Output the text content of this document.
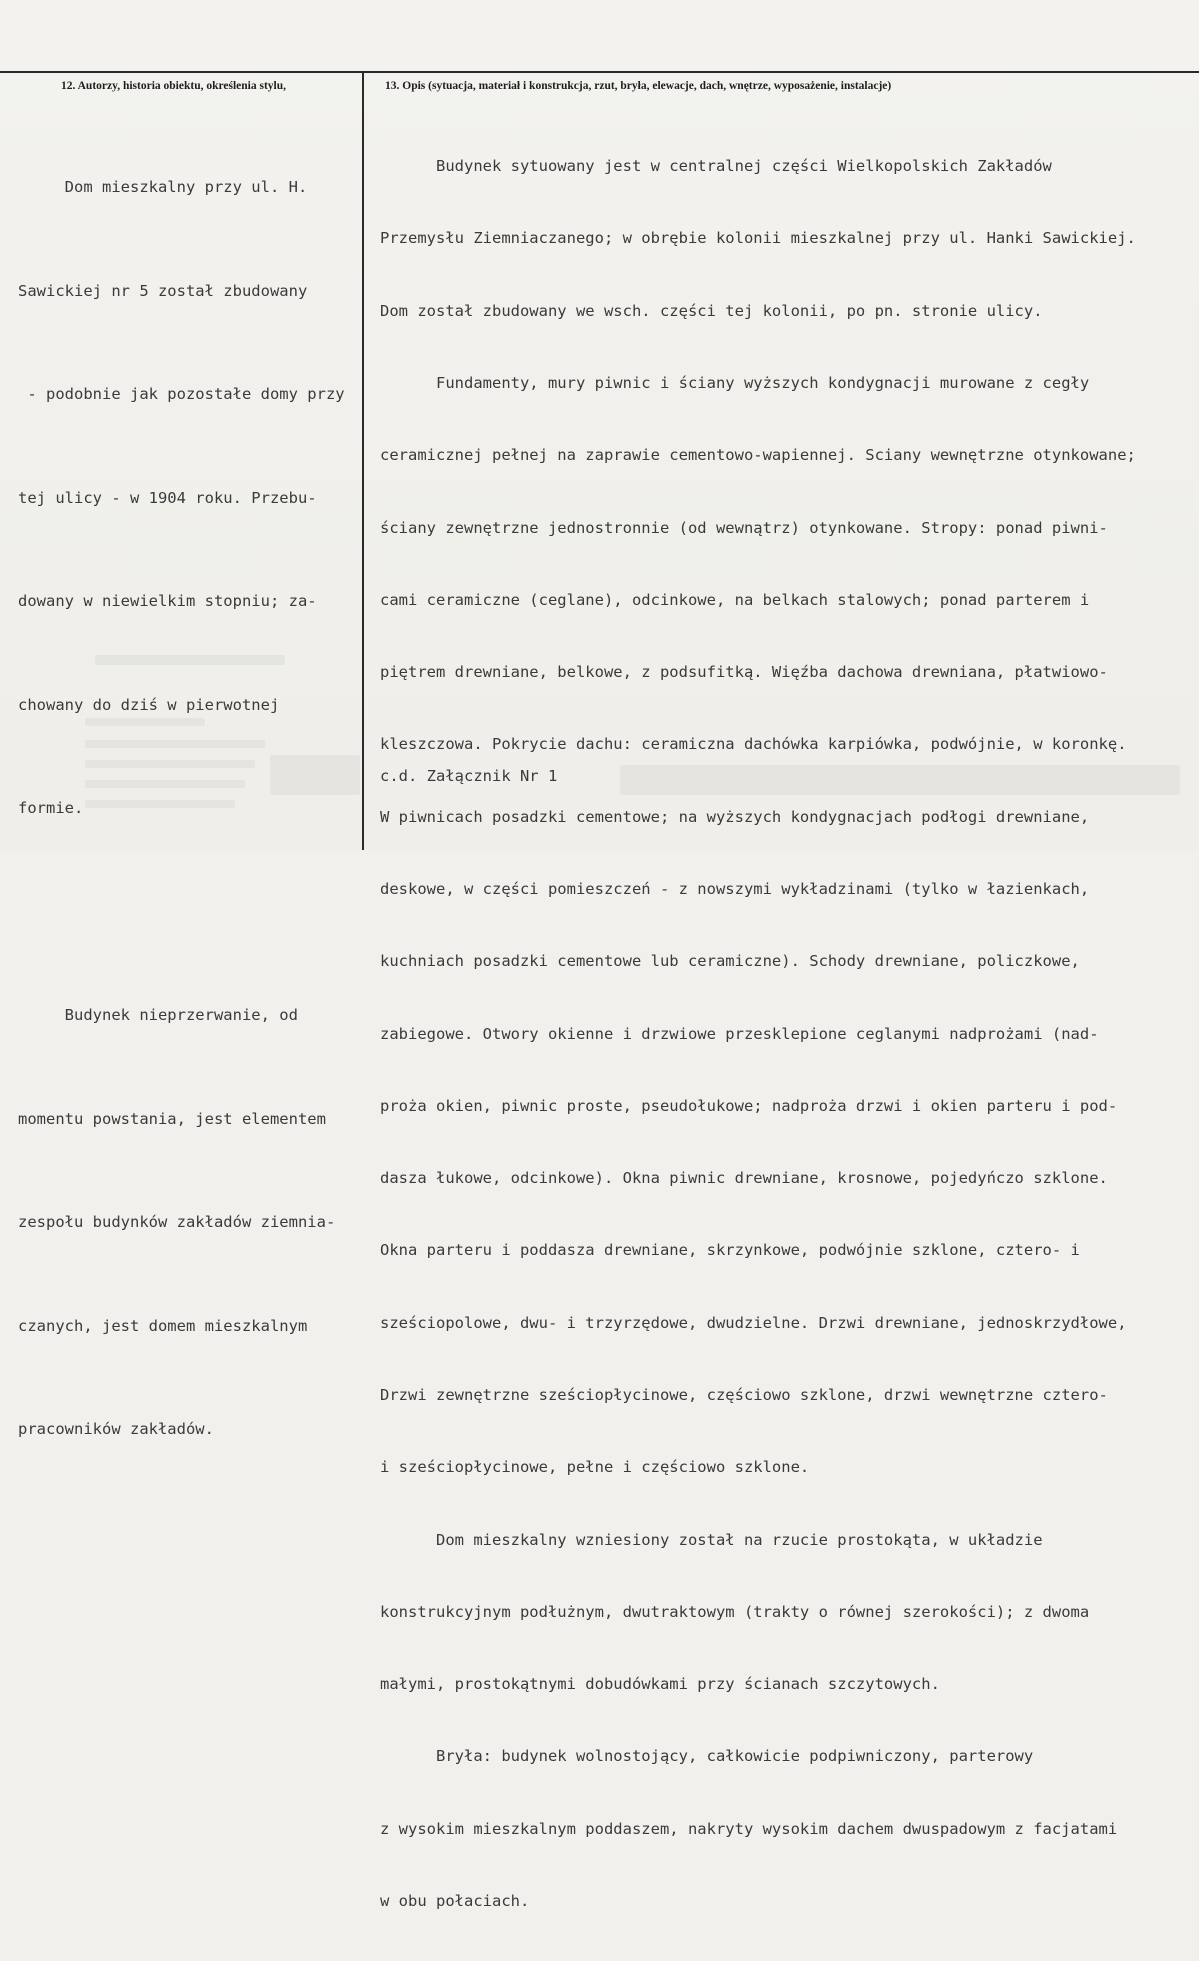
12. Autorzy, historia obiektu, określenia stylu,	13. Opis (sytuacja, materiał i konstrukcja, rzut, bryła, elewacje, dach, wnętrze, wyposażenie, instalacje)

Dom mieszkalny przy ul. H.

Sawickiej nr 5 został zbudowany

- podobnie jak pozostałe domy przy

tej ulicy - w 1904 roku. Przebu-

dowany w niewielkim stopniu; za-

chowany do dziś w pierwotnej

formie.

Budynek nieprzerwanie, od

momentu powstania, jest elementem

zespołu budynków zakładów ziemnia-

czanych, jest domem mieszkalnym

pracowników zakładów.

Budynek sytuowany jest w centralnej części Wielkopolskich Zakładów

Przemysłu Ziemniaczanego; w obrębie kolonii mieszkalnej przy ul. Hanki Sawickiej.

Dom został zbudowany we wsch. części tej kolonii, po pn. stronie ulicy.

Fundamenty, mury piwnic i ściany wyższych kondygnacji murowane z cegły

ceramicznej pełnej na zaprawie cementowo-wapiennej. Sciany wewnętrzne otynkowane;

ściany zewnętrzne jednostronnie (od wewnątrz) otynkowane. Stropy: ponad piwni-

cami ceramiczne (ceglane), odcinkowe, na belkach stalowych; ponad parterem i

piętrem drewniane, belkowe, z podsufitką. Więźba dachowa drewniana, płatwiowo-

kleszczowa. Pokrycie dachu: ceramiczna dachówka karpiówka, podwójnie, w koronkę.

W piwnicach posadzki cementowe; na wyższych kondygnacjach podłogi drewniane,

deskowe, w części pomieszczeń - z nowszymi wykładzinami (tylko w łazienkach,

kuchniach posadzki cementowe lub ceramiczne). Schody drewniane, policzkowe,

zabiegowe. Otwory okienne i drzwiowe przesklepione ceglanymi nadprożami (nad-

proża okien, piwnic proste, pseudołukowe; nadproża drzwi i okien parteru i pod-

dasza łukowe, odcinkowe). Okna piwnic drewniane, krosnowe, pojedyńczo szklone.

Okna parteru i poddasza drewniane, skrzynkowe, podwójnie szklone, cztero- i

sześciopolowe, dwu- i trzyrzędowe, dwudzielne. Drzwi drewniane, jednoskrzydłowe,

Drzwi zewnętrzne sześciopłycinowe, częściowo szklone, drzwi wewnętrzne cztero-

i sześciopłycinowe, pełne i częściowo szklone.

Dom mieszkalny wzniesiony został na rzucie prostokąta, w układzie

konstrukcyjnym podłużnym, dwutraktowym (trakty o równej szerokości); z dwoma

małymi, prostokątnymi dobudówkami przy ścianach szczytowych.

Bryła: budynek wolnostojący, całkowicie podpiwniczony, parterowy

z wysokim mieszkalnym poddaszem, nakryty wysokim dachem dwuspadowym z facjatami

w obu połaciach.

c.d. Załącznik Nr 1
